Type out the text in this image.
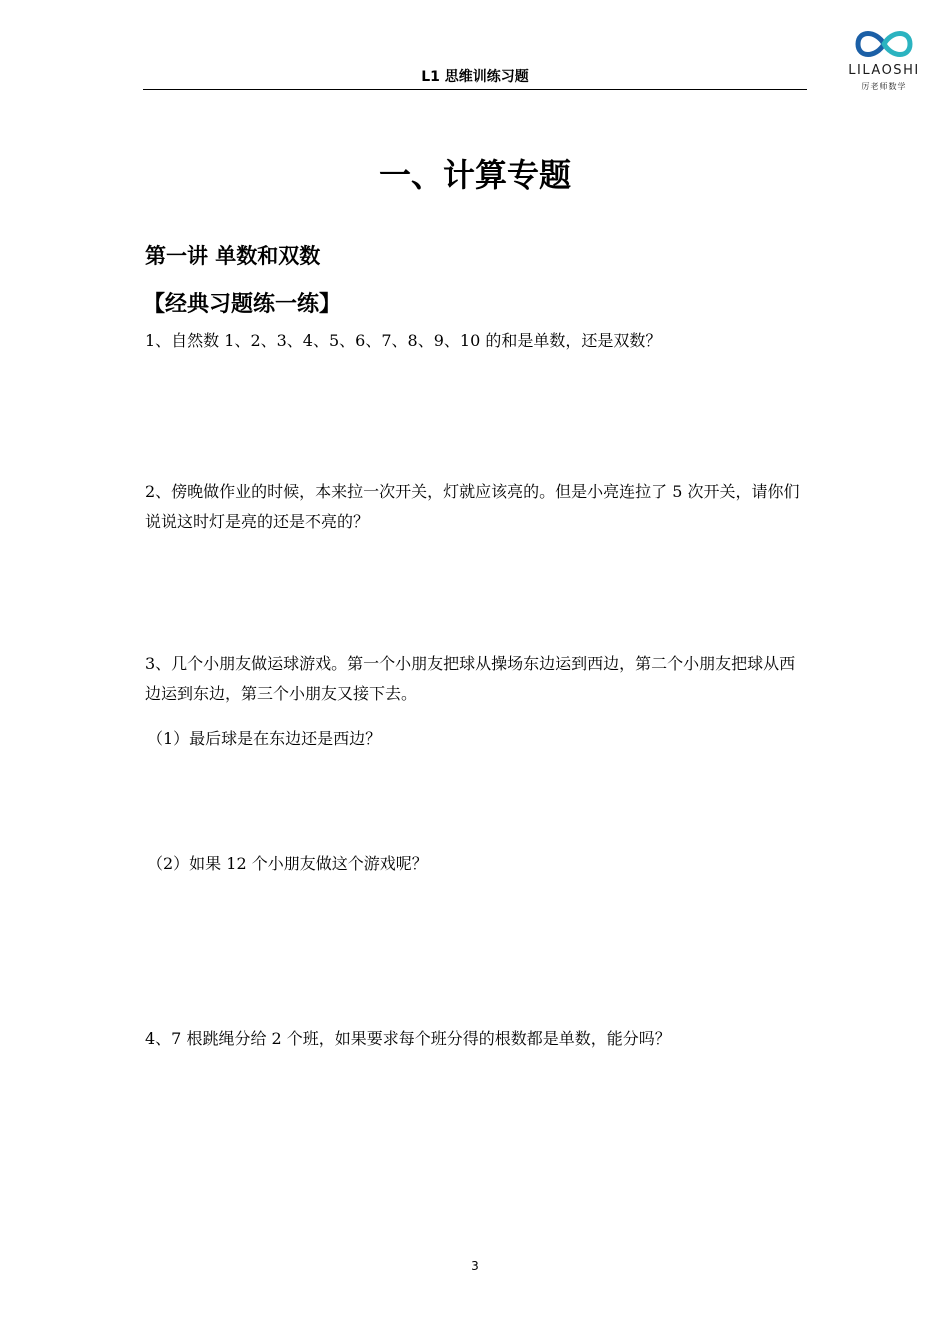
L1 思维训练习题	LILAOSHI
厉老师数学
一、计算专题
第一讲 单数和双数
【经典习题练一练】
1、自然数 1、2、3、4、5、6、7、8、9、10 的和是单数，还是双数？
2、傍晚做作业的时候，本来拉一次开关，灯就应该亮的。但是小亮连拉了 5 次开关，请你们说说这时灯是亮的还是不亮的？
3、几个小朋友做运球游戏。第一个小朋友把球从操场东边运到西边，第二个小朋友把球从西边运到东边，第三个小朋友又接下去。
（1）最后球是在东边还是西边？
（2）如果 12 个小朋友做这个游戏呢？
4、7 根跳绳分给 2 个班，如果要求每个班分得的根数都是单数，能分吗？
3
